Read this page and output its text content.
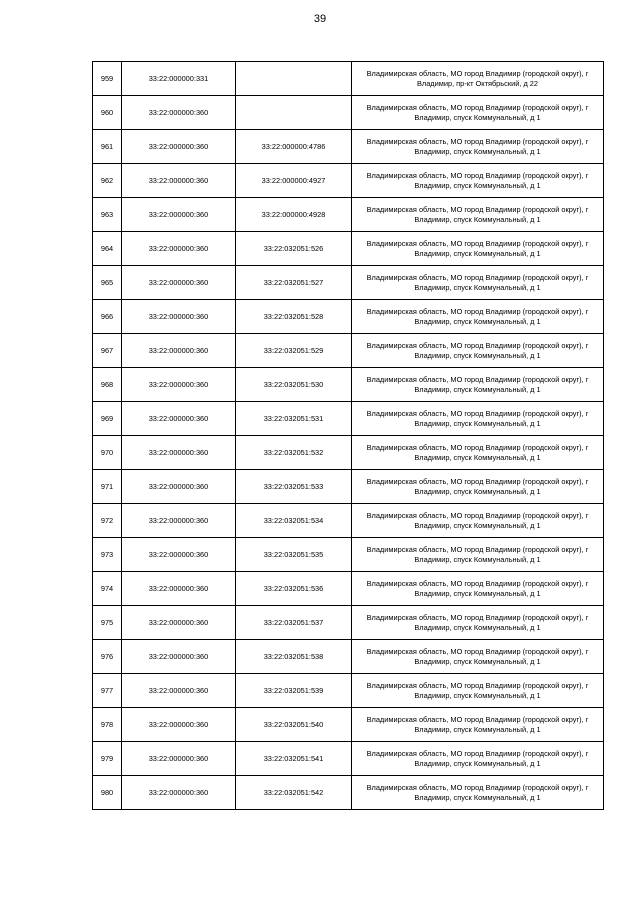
39
959	33:22:000000:331		Владимирская область, МО город Владимир (городской округ), г Владимир, пр-кт Октябрьский, д 22
960	33:22:000000:360		Владимирская область, МО город Владимир (городской округ), г Владимир, спуск Коммунальный, д 1
961	33:22:000000:360	33:22:000000:4786	Владимирская область, МО город Владимир (городской округ), г Владимир, спуск Коммунальный, д 1
962	33:22:000000:360	33:22:000000:4927	Владимирская область, МО город Владимир (городской округ), г Владимир, спуск Коммунальный, д 1
963	33:22:000000:360	33:22:000000:4928	Владимирская область, МО город Владимир (городской округ), г Владимир, спуск Коммунальный, д 1
964	33:22:000000:360	33:22:032051:526	Владимирская область, МО город Владимир (городской округ), г Владимир, спуск Коммунальный, д 1
965	33:22:000000:360	33:22:032051:527	Владимирская область, МО город Владимир (городской округ), г Владимир, спуск Коммунальный, д 1
966	33:22:000000:360	33:22:032051:528	Владимирская область, МО город Владимир (городской округ), г Владимир, спуск Коммунальный, д 1
967	33:22:000000:360	33:22:032051:529	Владимирская область, МО город Владимир (городской округ), г Владимир, спуск Коммунальный, д 1
968	33:22:000000:360	33:22:032051:530	Владимирская область, МО город Владимир (городской округ), г Владимир, спуск Коммунальный, д 1
969	33:22:000000:360	33:22:032051:531	Владимирская область, МО город Владимир (городской округ), г Владимир, спуск Коммунальный, д 1
970	33:22:000000:360	33:22:032051:532	Владимирская область, МО город Владимир (городской округ), г Владимир, спуск Коммунальный, д 1
971	33:22:000000:360	33:22:032051:533	Владимирская область, МО город Владимир (городской округ), г Владимир, спуск Коммунальный, д 1
972	33:22:000000:360	33:22:032051:534	Владимирская область, МО город Владимир (городской округ), г Владимир, спуск Коммунальный, д 1
973	33:22:000000:360	33:22:032051:535	Владимирская область, МО город Владимир (городской округ), г Владимир, спуск Коммунальный, д 1
974	33:22:000000:360	33:22:032051:536	Владимирская область, МО город Владимир (городской округ), г Владимир, спуск Коммунальный, д 1
975	33:22:000000:360	33:22:032051:537	Владимирская область, МО город Владимир (городской округ), г Владимир, спуск Коммунальный, д 1
976	33:22:000000:360	33:22:032051:538	Владимирская область, МО город Владимир (городской округ), г Владимир, спуск Коммунальный, д 1
977	33:22:000000:360	33:22:032051:539	Владимирская область, МО город Владимир (городской округ), г Владимир, спуск Коммунальный, д 1
978	33:22:000000:360	33:22:032051:540	Владимирская область, МО город Владимир (городской округ), г Владимир, спуск Коммунальный, д 1
979	33:22:000000:360	33:22:032051:541	Владимирская область, МО город Владимир (городской округ), г Владимир, спуск Коммунальный, д 1
980	33:22:000000:360	33:22:032051:542	Владимирская область, МО город Владимир (городской округ), г Владимир, спуск Коммунальный, д 1
